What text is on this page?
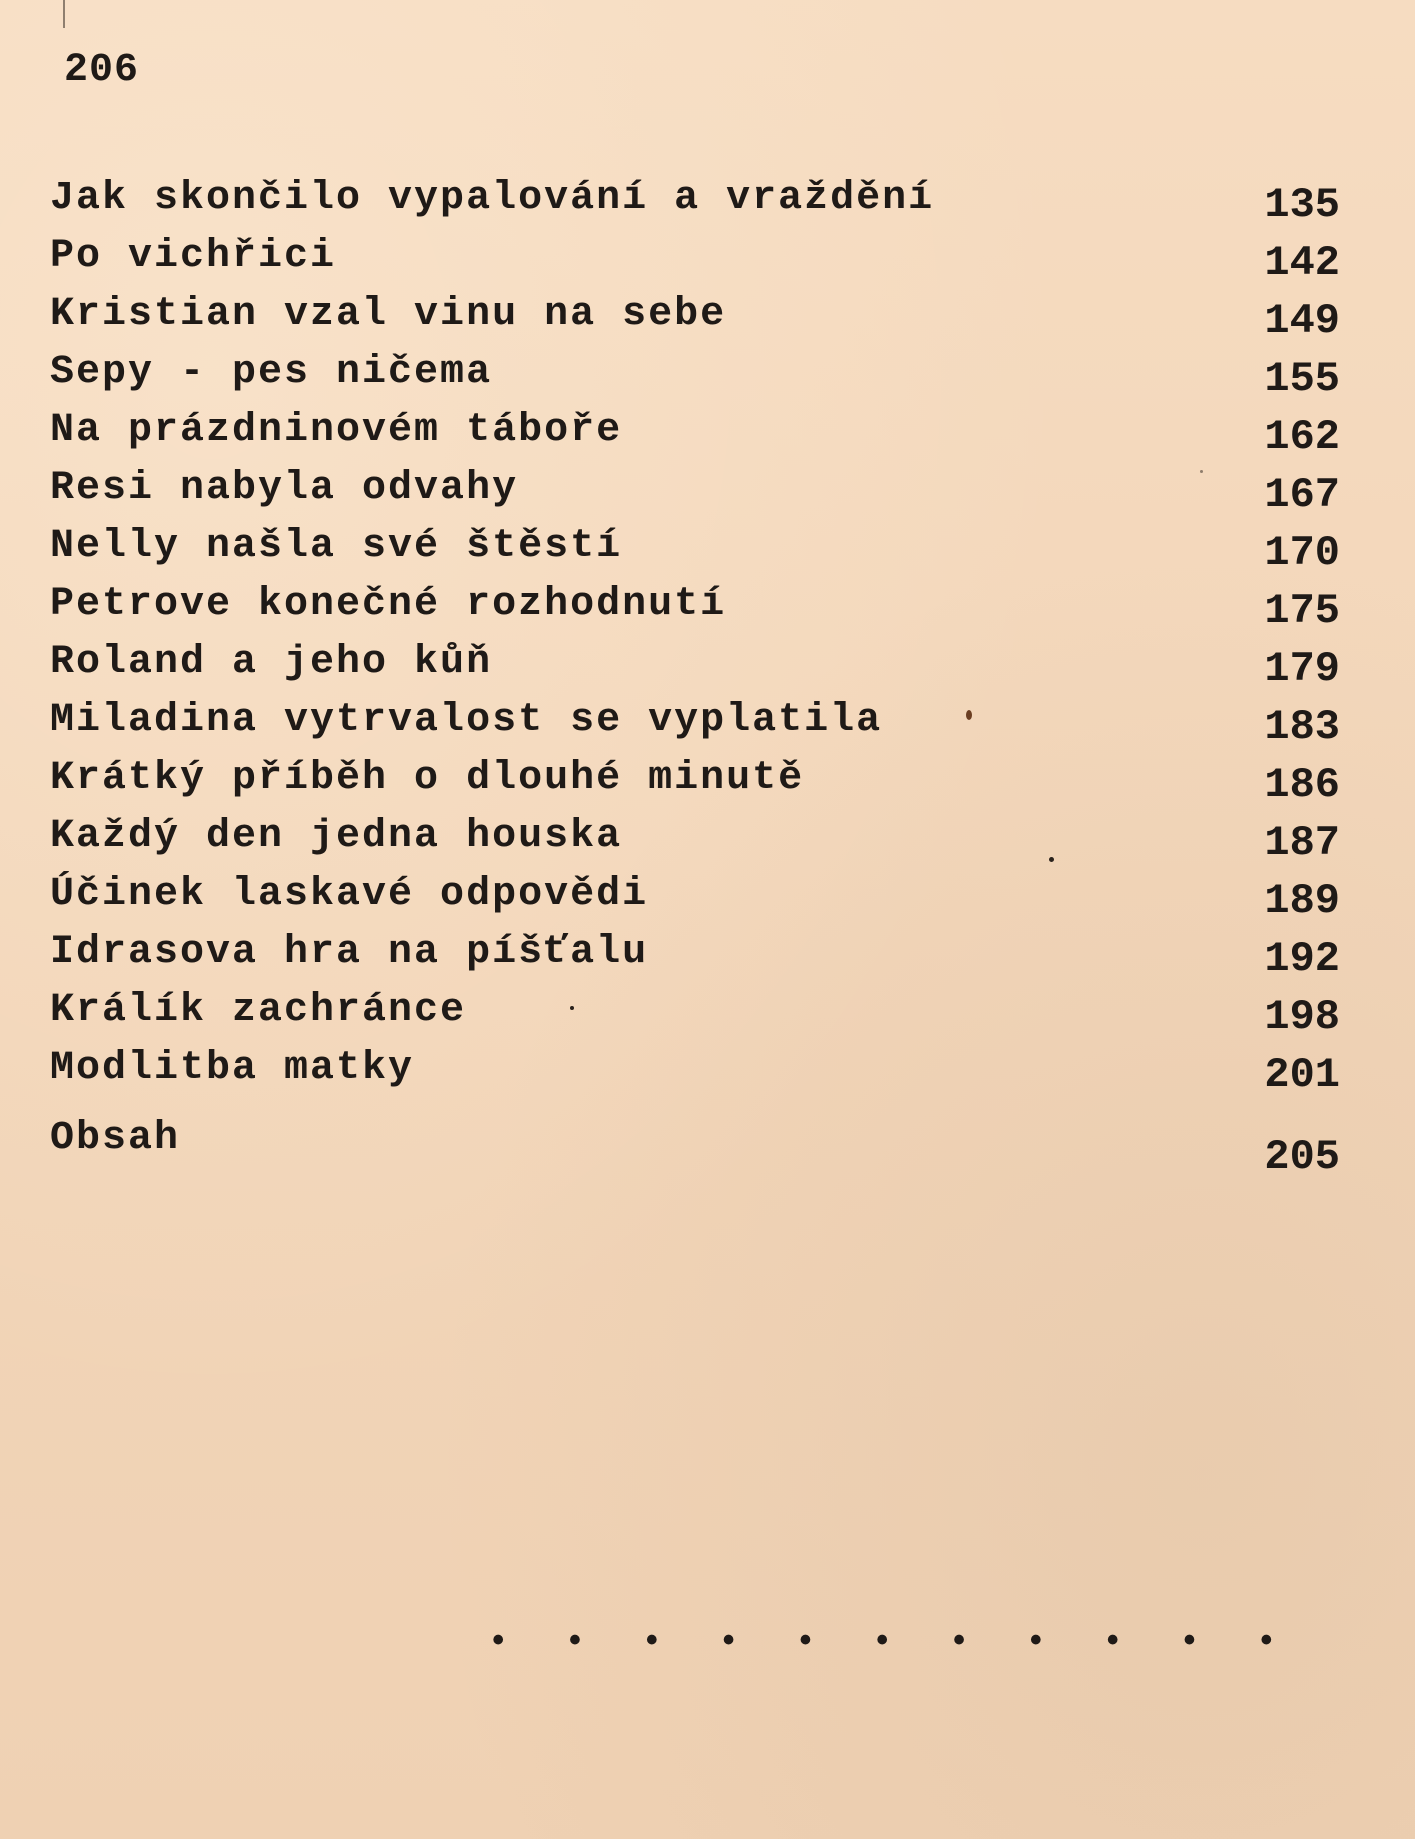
206
Jak skončilo vypalování a vraždění	135
Po vichřici	142
Kristian vzal vinu na sebe	149
Sepy - pes ničema	155
Na prázdninovém táboře	162
Resi nabyla odvahy	167
Nelly našla své štěstí	170
Petrove konečné rozhodnutí	175
Roland a jeho kůň	179
Miladina vytrvalost se vyplatila	183
Krátký příběh o dlouhé minutě	186
Každý den jedna houska	187
Účinek laskavé odpovědi	189
Idrasova hra na píšťalu	192
Králík zachránce	198
Modlitba matky	201
Obsah	205
• • • • • • • • • • •
